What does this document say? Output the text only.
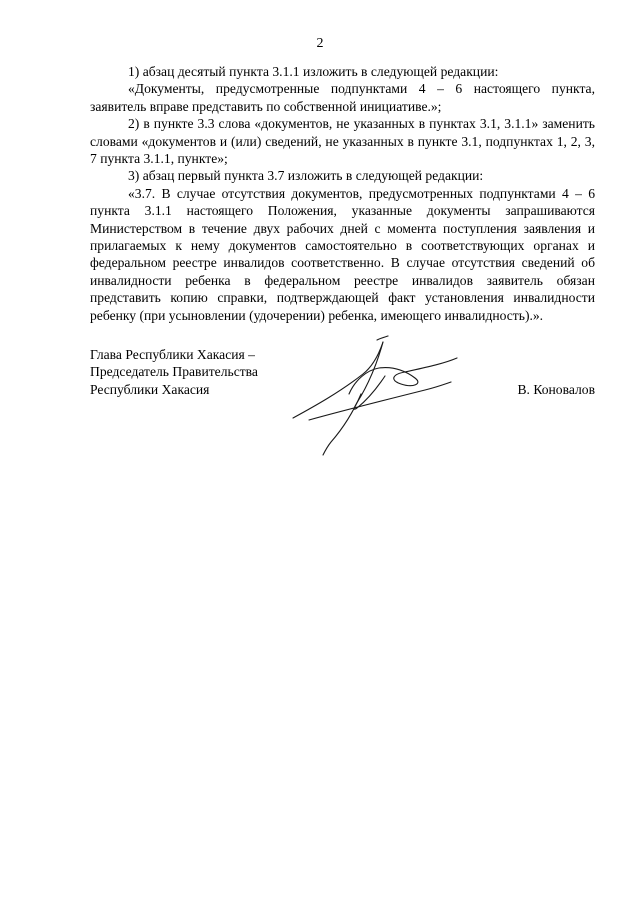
2

1) абзац десятый пункта 3.1.1 изложить в следующей редакции:

«Документы, предусмотренные подпунктами 4 – 6 настоящего пункта, заявитель вправе представить по собственной инициативе.»;

2) в пункте 3.3 слова «документов, не указанных в пунктах 3.1, 3.1.1» заменить словами «документов и (или) сведений, не указанных в пункте 3.1, подпунктах 1, 2, 3, 7 пункта 3.1.1, пункте»;

3) абзац первый пункта 3.7 изложить в следующей редакции:

«3.7. В случае отсутствия документов, предусмотренных подпунктами 4 – 6 пункта 3.1.1 настоящего Положения, указанные документы запрашиваются Министерством в течение двух рабочих дней с момента поступления заявления и прилагаемых к нему документов самостоятельно в соответствующих органах и федеральном реестре инвалидов соответственно. В случае отсутствия сведений об инвалидности ребенка в федеральном реестре инвалидов заявитель обязан представить копию справки, подтверждающей факт установления инвалидности ребенку (при усыновлении (удочерении) ребенка, имеющего инвалидность).».

Глава Республики Хакасия –
Председатель Правительства
Республики Хакасия	В. Коновалов
